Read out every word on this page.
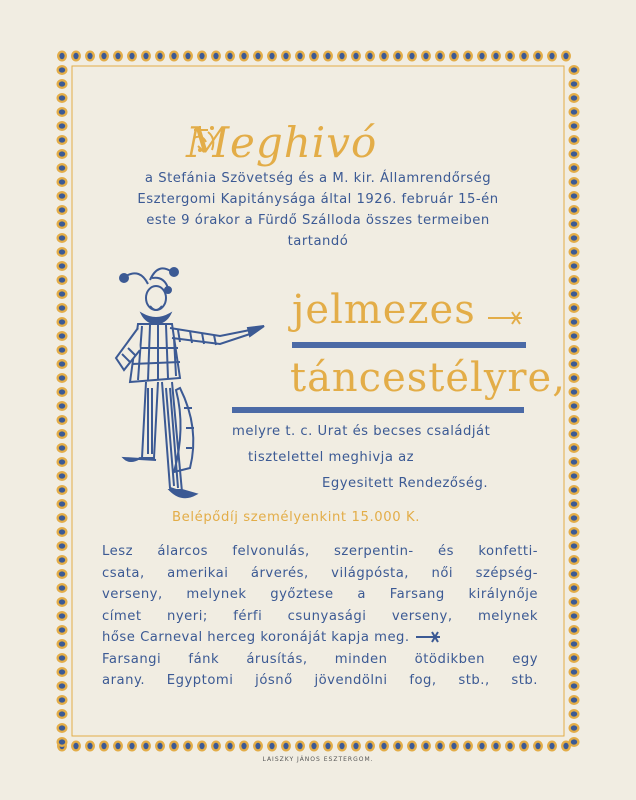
Meghivó
a Stefánia Szövetség és a M. kir. Államrendőrség
Esztergomi Kapitánysága által 1926. február 15-én
este 9 órakor a Fürdő Szálloda összes termeiben
tartandó
jelmezes
táncestélyre,
melyre t. c. Urat és becses családját
tisztelettel meghivja az
Egyesitett Rendezőség.
Belépődíj személyenkint 15.000 K.
Lesz álarcos felvonulás, szerpentin- és konfetti-
csata, amerikai árverés, világpósta, női szépség-
verseny, melynek győztese a Farsang királynője
címet nyeri; férfi csunyasági verseny, melynek
hőse Carneval herceg koronáját kapja meg.
Farsangi fánk árusítás, minden ötödikben egy
arany. Egyptomi jósnő jövendölni fog, stb., stb.
LAISZKY JÁNOS ESZTERGOM.
